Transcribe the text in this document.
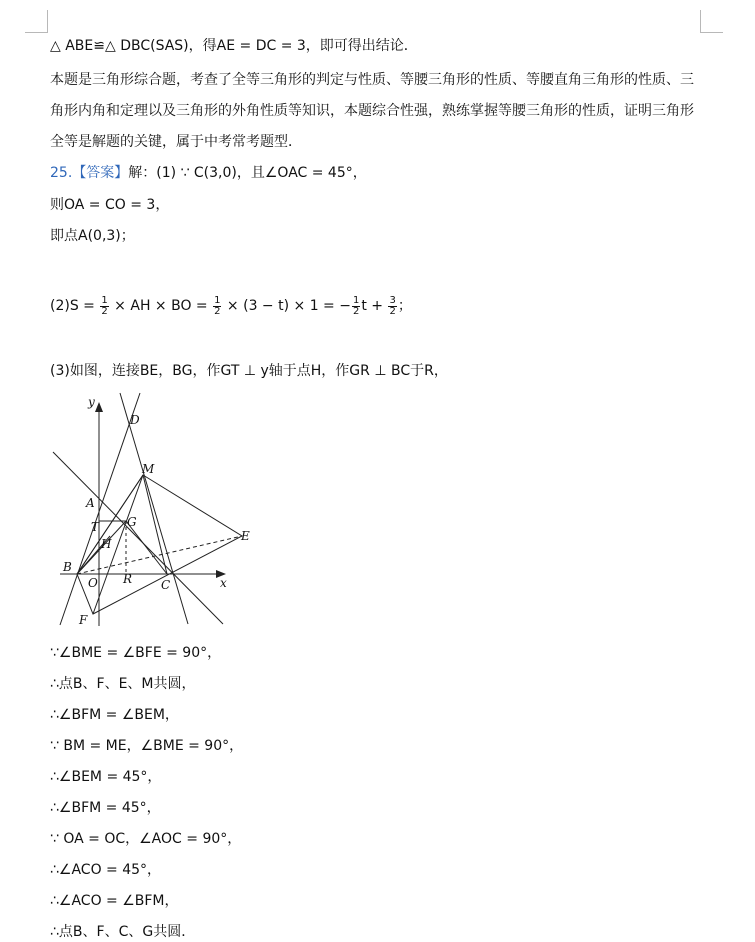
△ ABE≌△ DBC(SAS)，得AE = DC = 3，即可得出结论．
本题是三角形综合题，考查了全等三角形的判定与性质、等腰三角形的性质、等腰直角三角形的性质、三
角形内角和定理以及三角形的外角性质等知识，本题综合性强，熟练掌握等腰三角形的性质，证明三角形
全等是解题的关键，属于中考常考题型．
25.【答案】解：(1) ∵ C(3,0)，且∠OAC = 45°，
则OA = CO = 3，
即点A(0,3)；
$(2)S = \frac{1}{2}$ × AH × BO = $\frac{1}{2} \times (3 - t) \times 1$ = − $\frac{1}{2}$ $t + \frac{3}{2}$ ；
(3)如图，连接BE，BG，作GT ⊥ y轴于点H，作GR ⊥ BC于R，
y
x
D
M
A
T G
H
E
B
O R C
F
∵∠BME = ∠BFE = 90°，
∴点B、F、E、M共圆，
∴∠BFM = ∠BEM，
∵ BM = ME，∠BME = 90°，
∴∠BEM = 45°，
∴∠BFM = 45°，
∵ OA = OC，∠AOC = 90°，
∴∠ACO = 45°，
∴∠ACO = ∠BFM，
∴点B、F、C、G共圆．
